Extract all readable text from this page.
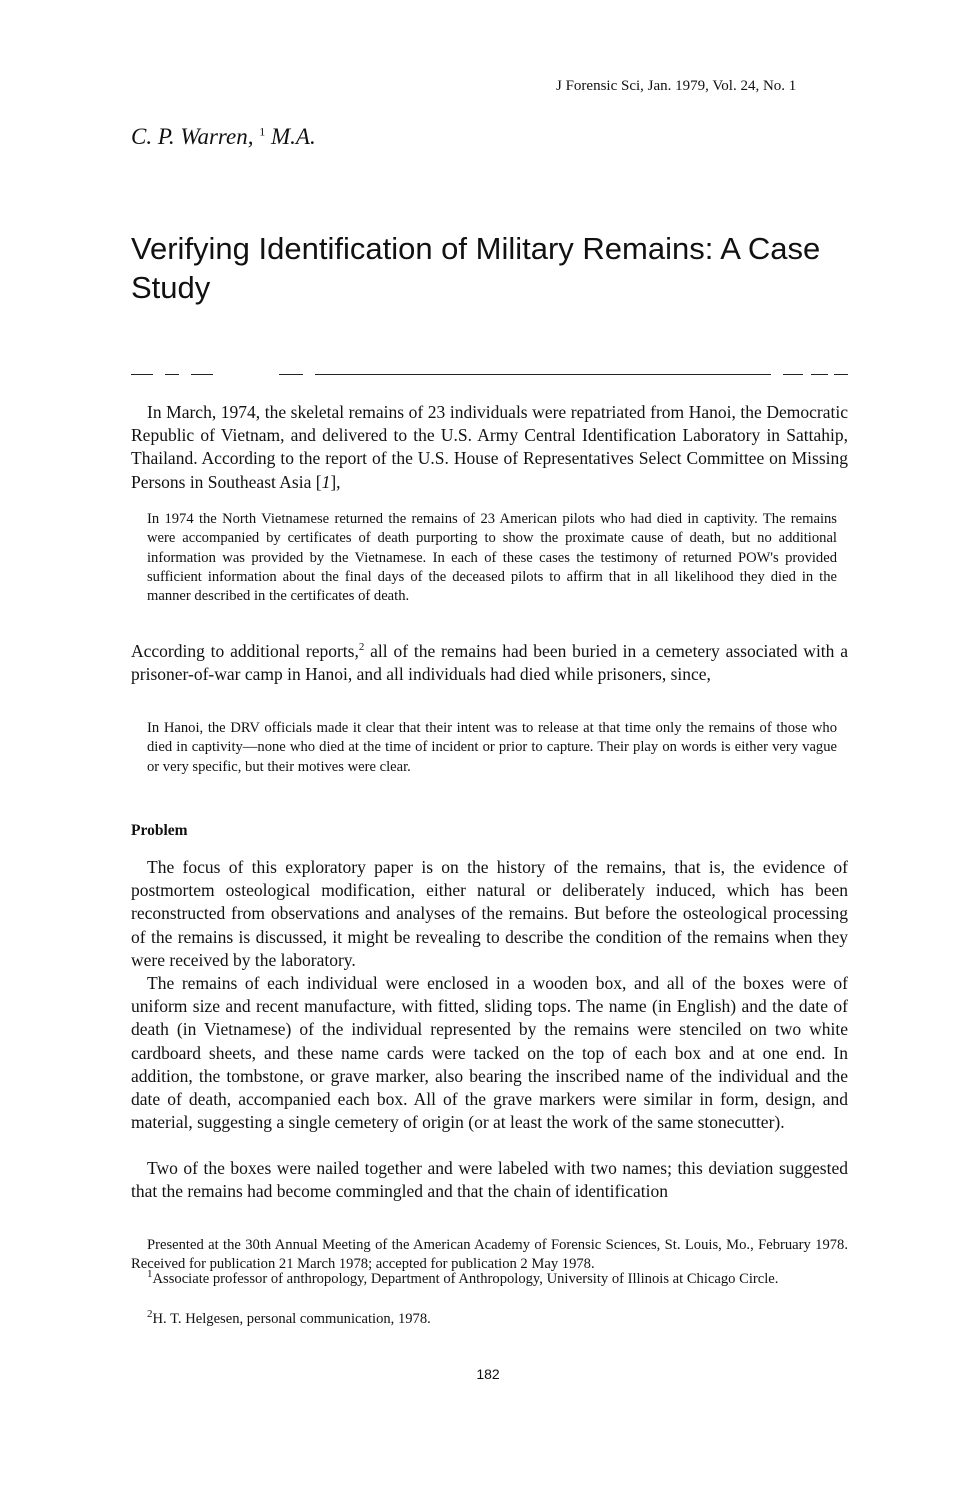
J Forensic Sci, Jan. 1979, Vol. 24, No. 1
C. P. Warren, $^1$ M.A.
Verifying Identification of Military Remains: A Case Study

In March, 1974, the skeletal remains of 23 individuals were repatriated from Hanoi, the Democratic Republic of Vietnam, and delivered to the U.S. Army Central Identification Laboratory in Sattahip, Thailand. According to the report of the U.S. House of Representatives Select Committee on Missing Persons in Southeast Asia [1],

In 1974 the North Vietnamese returned the remains of 23 American pilots who had died in captivity. The remains were accompanied by certificates of death purporting to show the proximate cause of death, but no additional information was provided by the Vietnamese. In each of these cases the testimony of returned POW's provided sufficient information about the final days of the deceased pilots to affirm that in all likelihood they died in the manner described in the certificates of death.

According to additional reports,$^2$ all of the remains had been buried in a cemetery associated with a prisoner-of-war camp in Hanoi, and all individuals had died while prisoners, since,

In Hanoi, the DRV officials made it clear that their intent was to release at that time only the remains of those who died in captivity—none who died at the time of incident or prior to capture. Their play on words is either very vague or very specific, but their motives were clear.

Problem

The focus of this exploratory paper is on the history of the remains, that is, the evidence of postmortem osteological modification, either natural or deliberately induced, which has been reconstructed from observations and analyses of the remains. But before the osteological processing of the remains is discussed, it might be revealing to describe the condition of the remains when they were received by the laboratory.

The remains of each individual were enclosed in a wooden box, and all of the boxes were of uniform size and recent manufacture, with fitted, sliding tops. The name (in English) and the date of death (in Vietnamese) of the individual represented by the remains were stenciled on two white cardboard sheets, and these name cards were tacked on the top of each box and at one end. In addition, the tombstone, or grave marker, also bearing the inscribed name of the individual and the date of death, accompanied each box. All of the grave markers were similar in form, design, and material, suggesting a single cemetery of origin (or at least the work of the same stonecutter).

Two of the boxes were nailed together and were labeled with two names; this deviation suggested that the remains had become commingled and that the chain of identification

Presented at the 30th Annual Meeting of the American Academy of Forensic Sciences, St. Louis, Mo., February 1978. Received for publication 21 March 1978; accepted for publication 2 May 1978.

$^1$Associate professor of anthropology, Department of Anthropology, University of Illinois at Chicago Circle.

$^2$H. T. Helgesen, personal communication, 1978.

182
